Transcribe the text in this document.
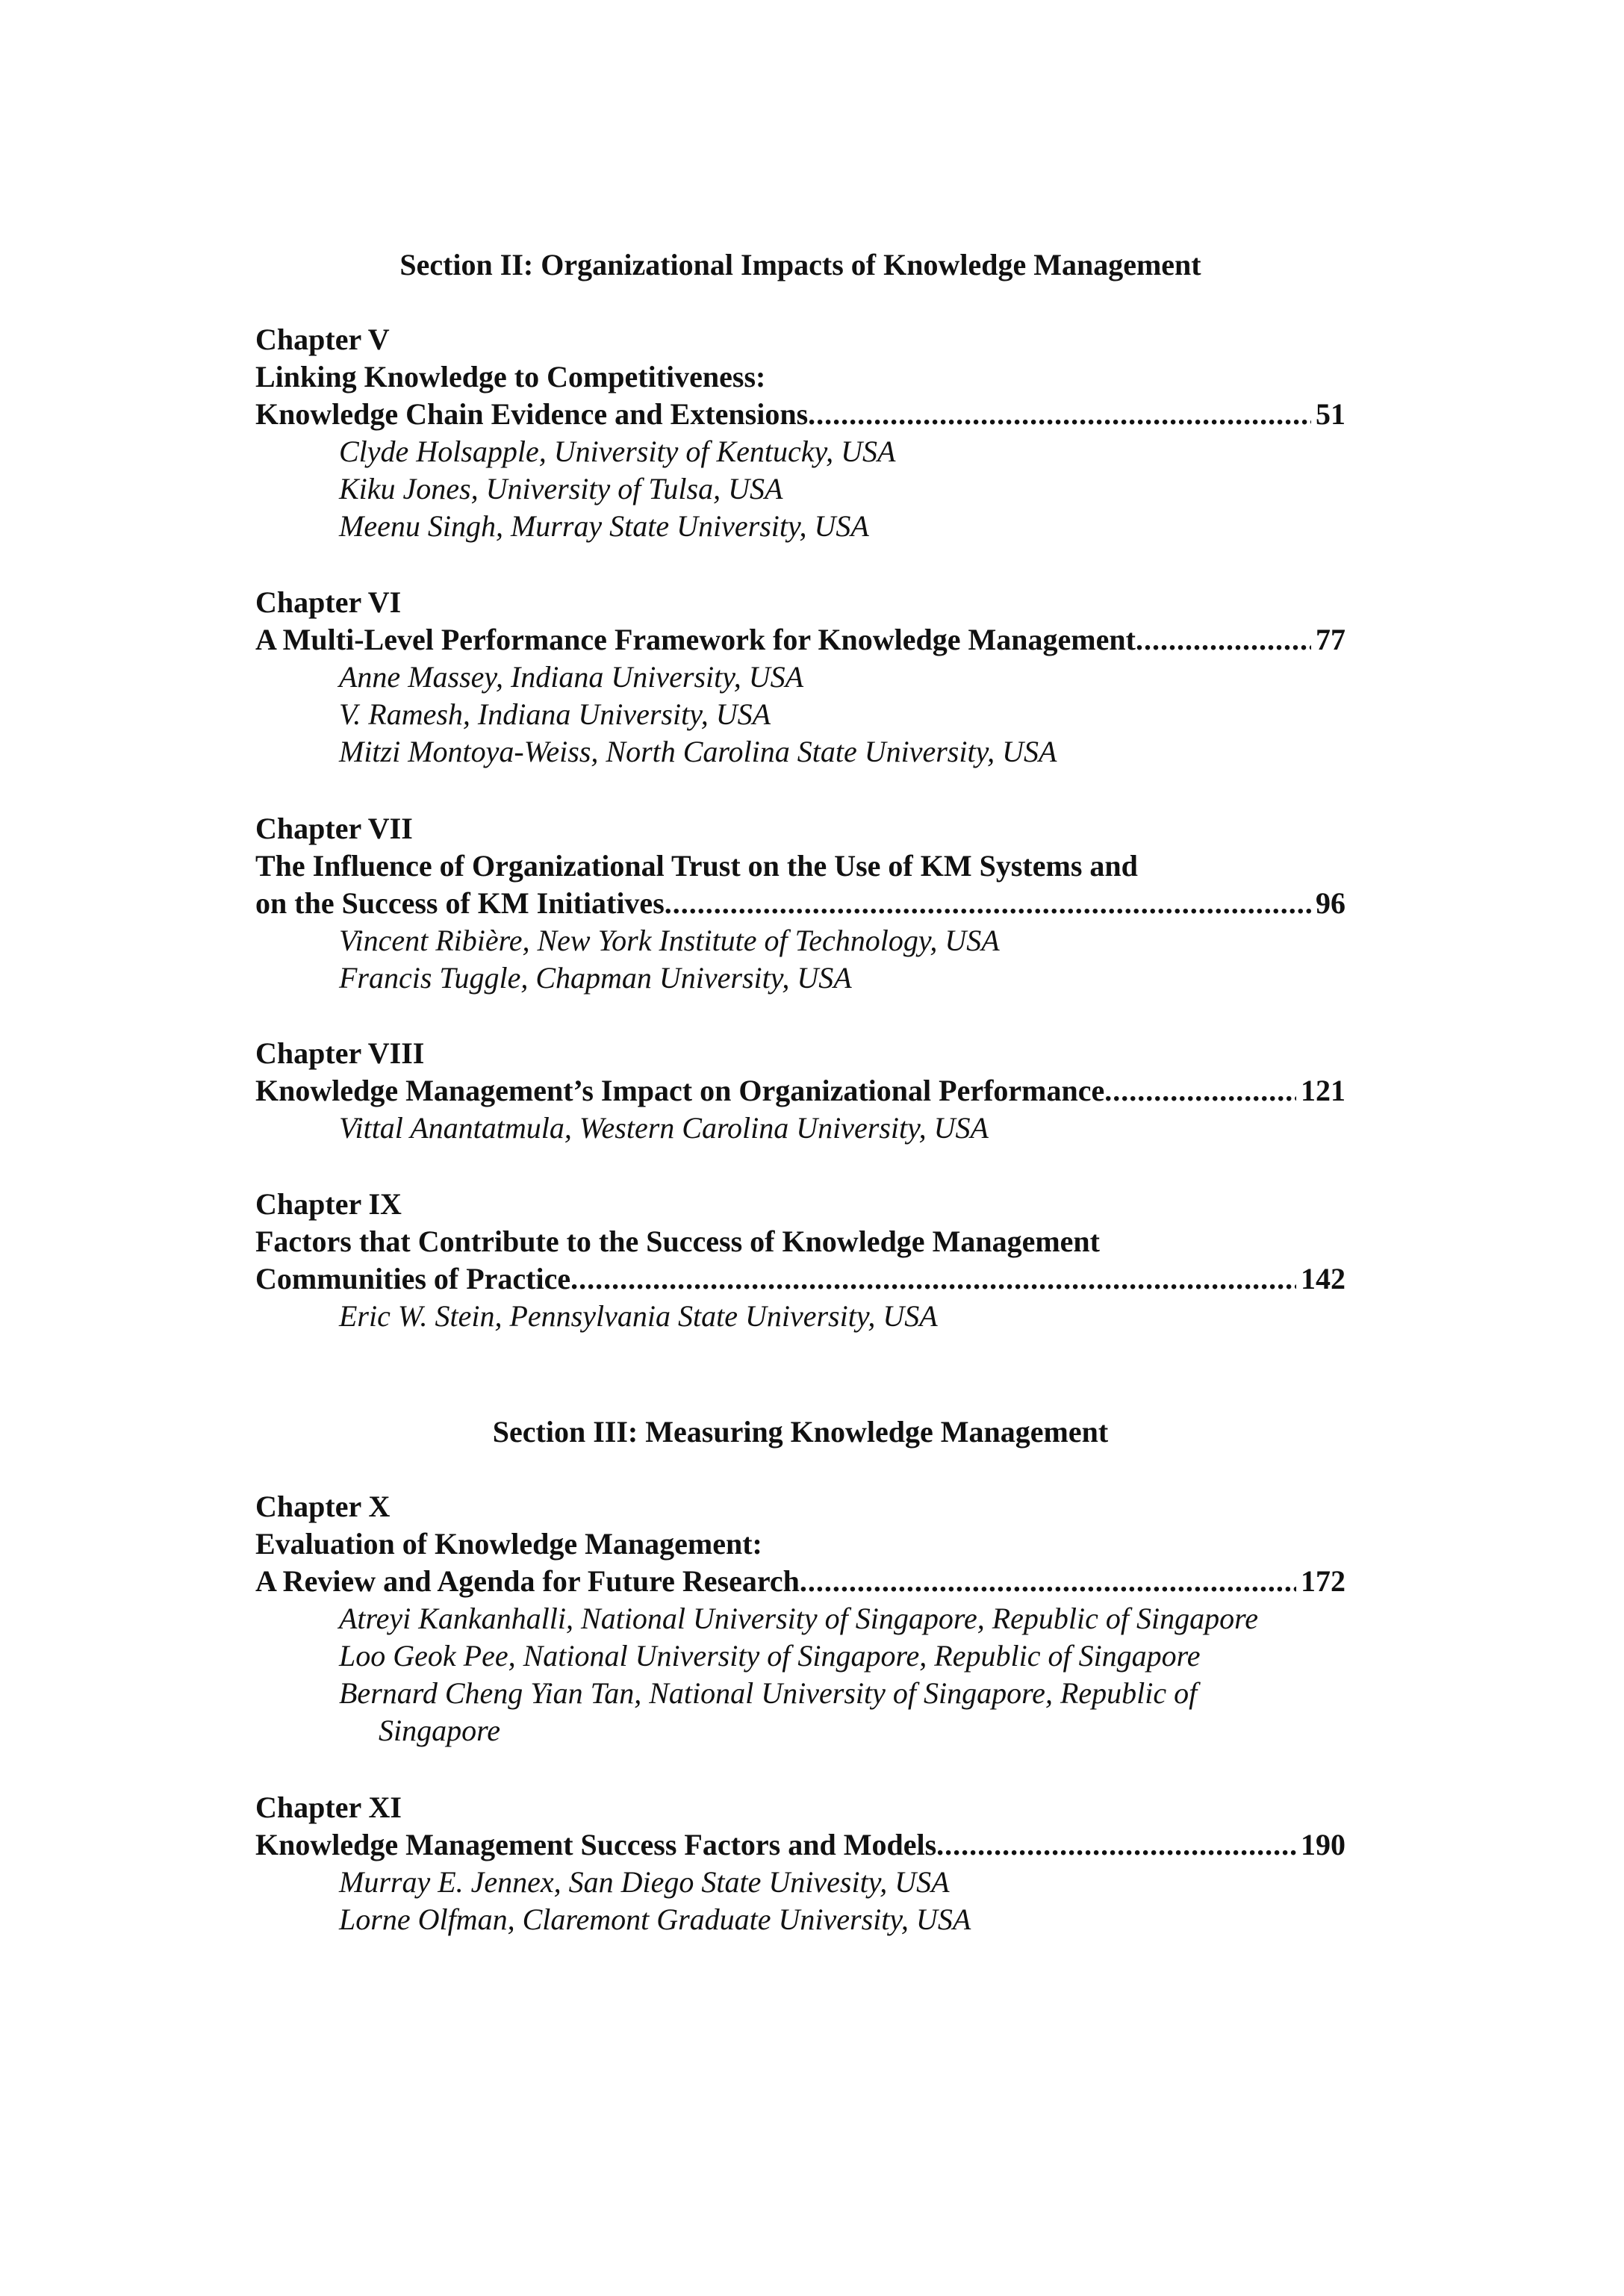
Section II: Organizational Impacts of Knowledge Management
Chapter V
Linking Knowledge to Competitiveness:
Knowledge Chain Evidence and Extensions .....	51
Clyde Holsapple, University of Kentucky, USA
Kiku Jones, University of Tulsa, USA
Meenu Singh, Murray State University, USA
Chapter VI
A Multi-Level Performance Framework for Knowledge Management .....	77
Anne Massey, Indiana University, USA
V. Ramesh, Indiana University, USA
Mitzi Montoya-Weiss, North Carolina State University, USA
Chapter VII
The Influence of Organizational Trust on the Use of KM Systems and
on the Success of KM Initiatives .....	96
Vincent Ribière, New York Institute of Technology, USA
Francis Tuggle, Chapman University, USA
Chapter VIII
Knowledge Management’s Impact on Organizational Performance .....	121
Vittal Anantatmula, Western Carolina University, USA
Chapter IX
Factors that Contribute to the Success of Knowledge Management
Communities of Practice .....	142
Eric W. Stein, Pennsylvania State University, USA
Section III: Measuring Knowledge Management
Chapter X
Evaluation of Knowledge Management:
A Review and Agenda for Future Research .....	172
Atreyi Kankanhalli, National University of Singapore, Republic of Singapore
Loo Geok Pee, National University of Singapore, Republic of Singapore
Bernard Cheng Yian Tan, National University of Singapore, Republic of
Singapore
Chapter XI
Knowledge Management Success Factors and Models .....	190
Murray E. Jennex, San Diego State Univesity, USA
Lorne Olfman, Claremont Graduate University, USA
